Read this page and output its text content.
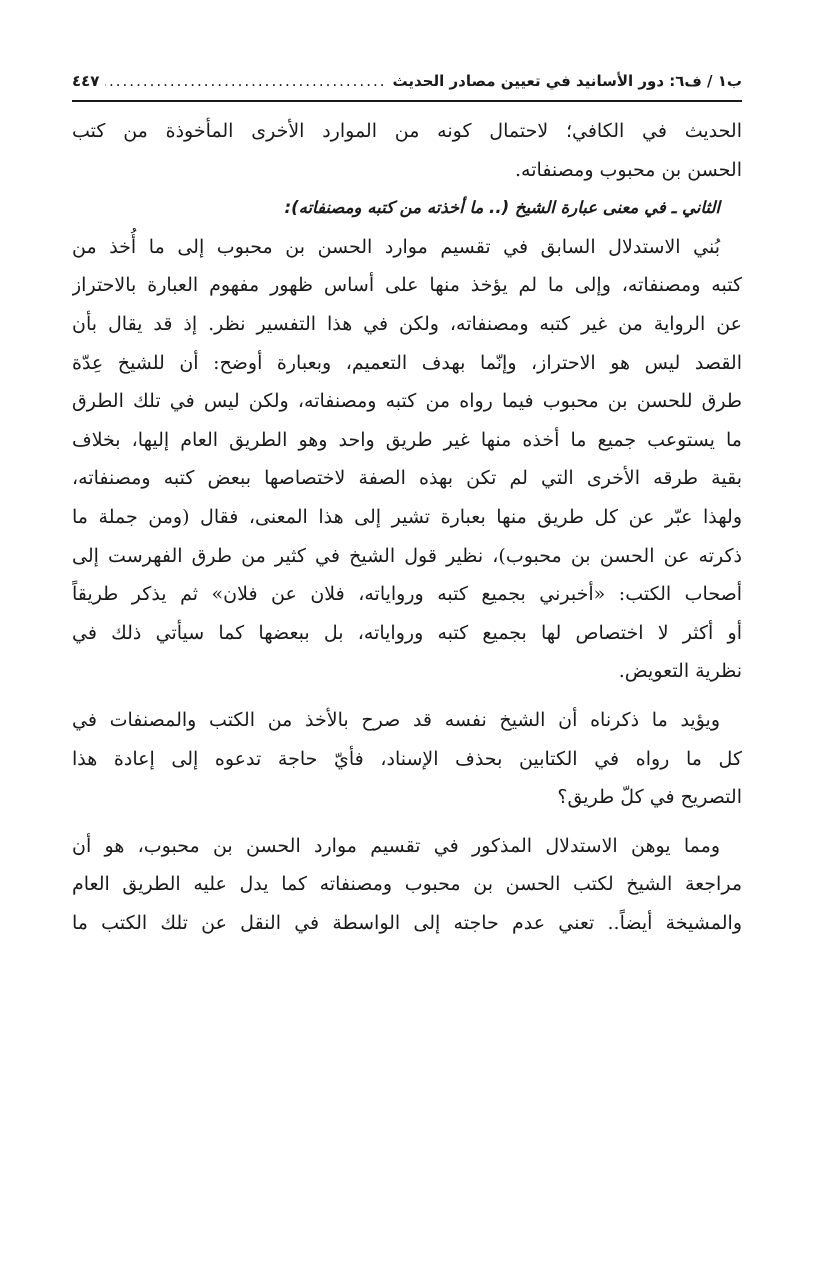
ب١ / ف٦: دور الأسانيد في تعيين مصادر الحديث
.....
٤٤٧
الحديث في الكافي؛ لاحتمال كونه من الموارد الأخرى المأخوذة من كتب
الحسن بن محبوب ومصنفاته.
الثاني ـ في معنى عبارة الشيخ (.. ما أخذته من كتبه ومصنفاته):
بُني الاستدلال السابق في تقسيم موارد الحسن بن محبوب إلى ما أُخذ من
كتبه ومصنفاته، وإلى ما لم يؤخذ منها على أساس ظهور مفهوم العبارة بالاحتراز
عن الرواية من غير كتبه ومصنفاته، ولكن في هذا التفسير نظر. إذ قد يقال بأن
القصد ليس هو الاحتراز، وإنّما بهدف التعميم، وبعبارة أوضح: أن للشيخ عِدّة
طرق للحسن بن محبوب فيما رواه من كتبه ومصنفاته، ولكن ليس في تلك الطرق
ما يستوعب جميع ما أخذه منها غير طريق واحد وهو الطريق العام إليها، بخلاف
بقية طرقه الأخرى التي لم تكن بهذه الصفة لاختصاصها ببعض كتبه ومصنفاته،
ولهذا عبّر عن كل طريق منها بعبارة تشير إلى هذا المعنى، فقال (ومن جملة ما
ذكرته عن الحسن بن محبوب)، نظير قول الشيخ في كثير من طرق الفهرست إلى
أصحاب الكتب: «أخبرني بجميع كتبه ورواياته، فلان عن فلان» ثم يذكر طريقاً
أو أكثر لا اختصاص لها بجميع كتبه ورواياته، بل ببعضها كما سيأتي ذلك في
نظرية التعويض.
ويؤيد ما ذكرناه أن الشيخ نفسه قد صرح بالأخذ من الكتب والمصنفات في
كل ما رواه في الكتابين بحذف الإسناد، فأيّ حاجة تدعوه إلى إعادة هذا
التصريح في كلّ طريق؟
ومما يوهن الاستدلال المذكور في تقسيم موارد الحسن بن محبوب، هو أن
مراجعة الشيخ لكتب الحسن بن محبوب ومصنفاته كما يدل عليه الطريق العام
والمشيخة أيضاً.. تعني عدم حاجته إلى الواسطة في النقل عن تلك الكتب ما
